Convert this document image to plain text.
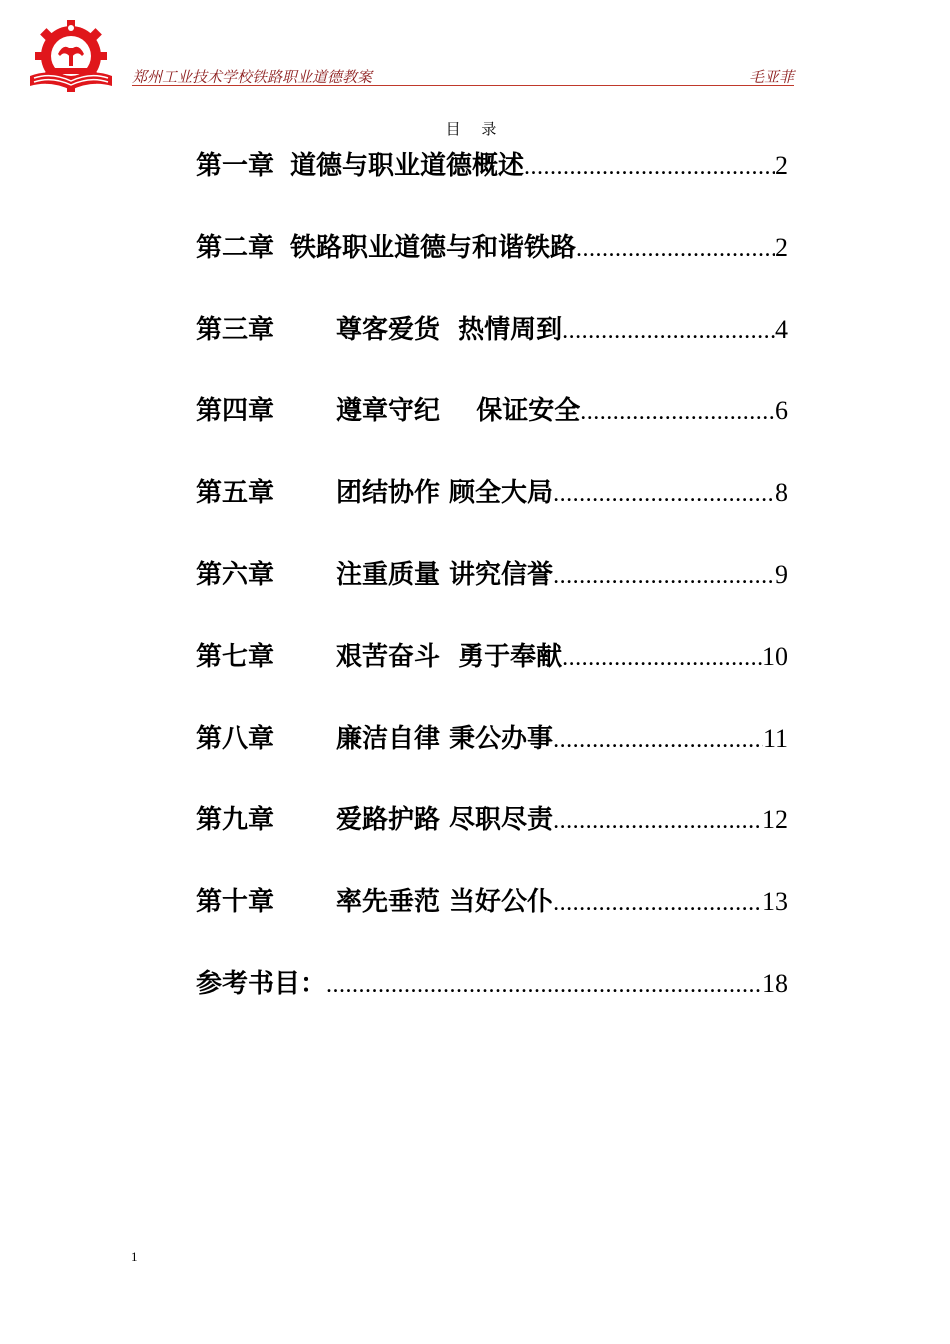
郑州工业技术学校铁路职业道德教案	毛亚菲
目 录
第一章 道德与职业道德概述 .....	2
第二章 铁路职业道德与和谐铁路 .....	2
第三章	尊客爱货  热情周到 .....	4
第四章	遵章守纪    保证安全 .....	6
第五章	团结协作 顾全大局 .....	8
第六章	注重质量 讲究信誉 .....	9
第七章	艰苦奋斗  勇于奉献 .....	10
第八章	廉洁自律 秉公办事 .....	11
第九章	爱路护路 尽职尽责 .....	12
第十章	率先垂范 当好公仆 .....	13
参考书目： .....	18
1
